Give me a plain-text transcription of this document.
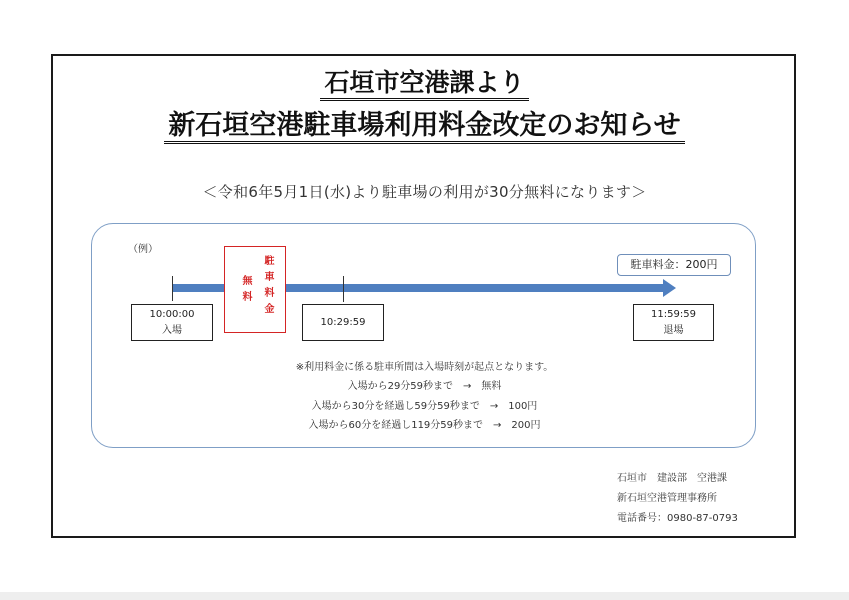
石垣市空港課より
新石垣空港駐車場利用料金改定のお知らせ
＜令和6年5月1日(水)より駐車場の利用が30分無料になります＞
（例）
駐車料金
無料
駐車料金：200円
10:00:00
入場
10:29:59
11:59:59
退場
※利用料金に係る駐車所間は入場時刻が起点となります。
入場から29分59秒まで　→　無料
入場から30分を経過し59分59秒まで　→　100円
入場から60分を経過し119分59秒まで　→　200円
石垣市　建設部　空港課
新石垣空港管理事務所
電話番号：0980-87-0793
